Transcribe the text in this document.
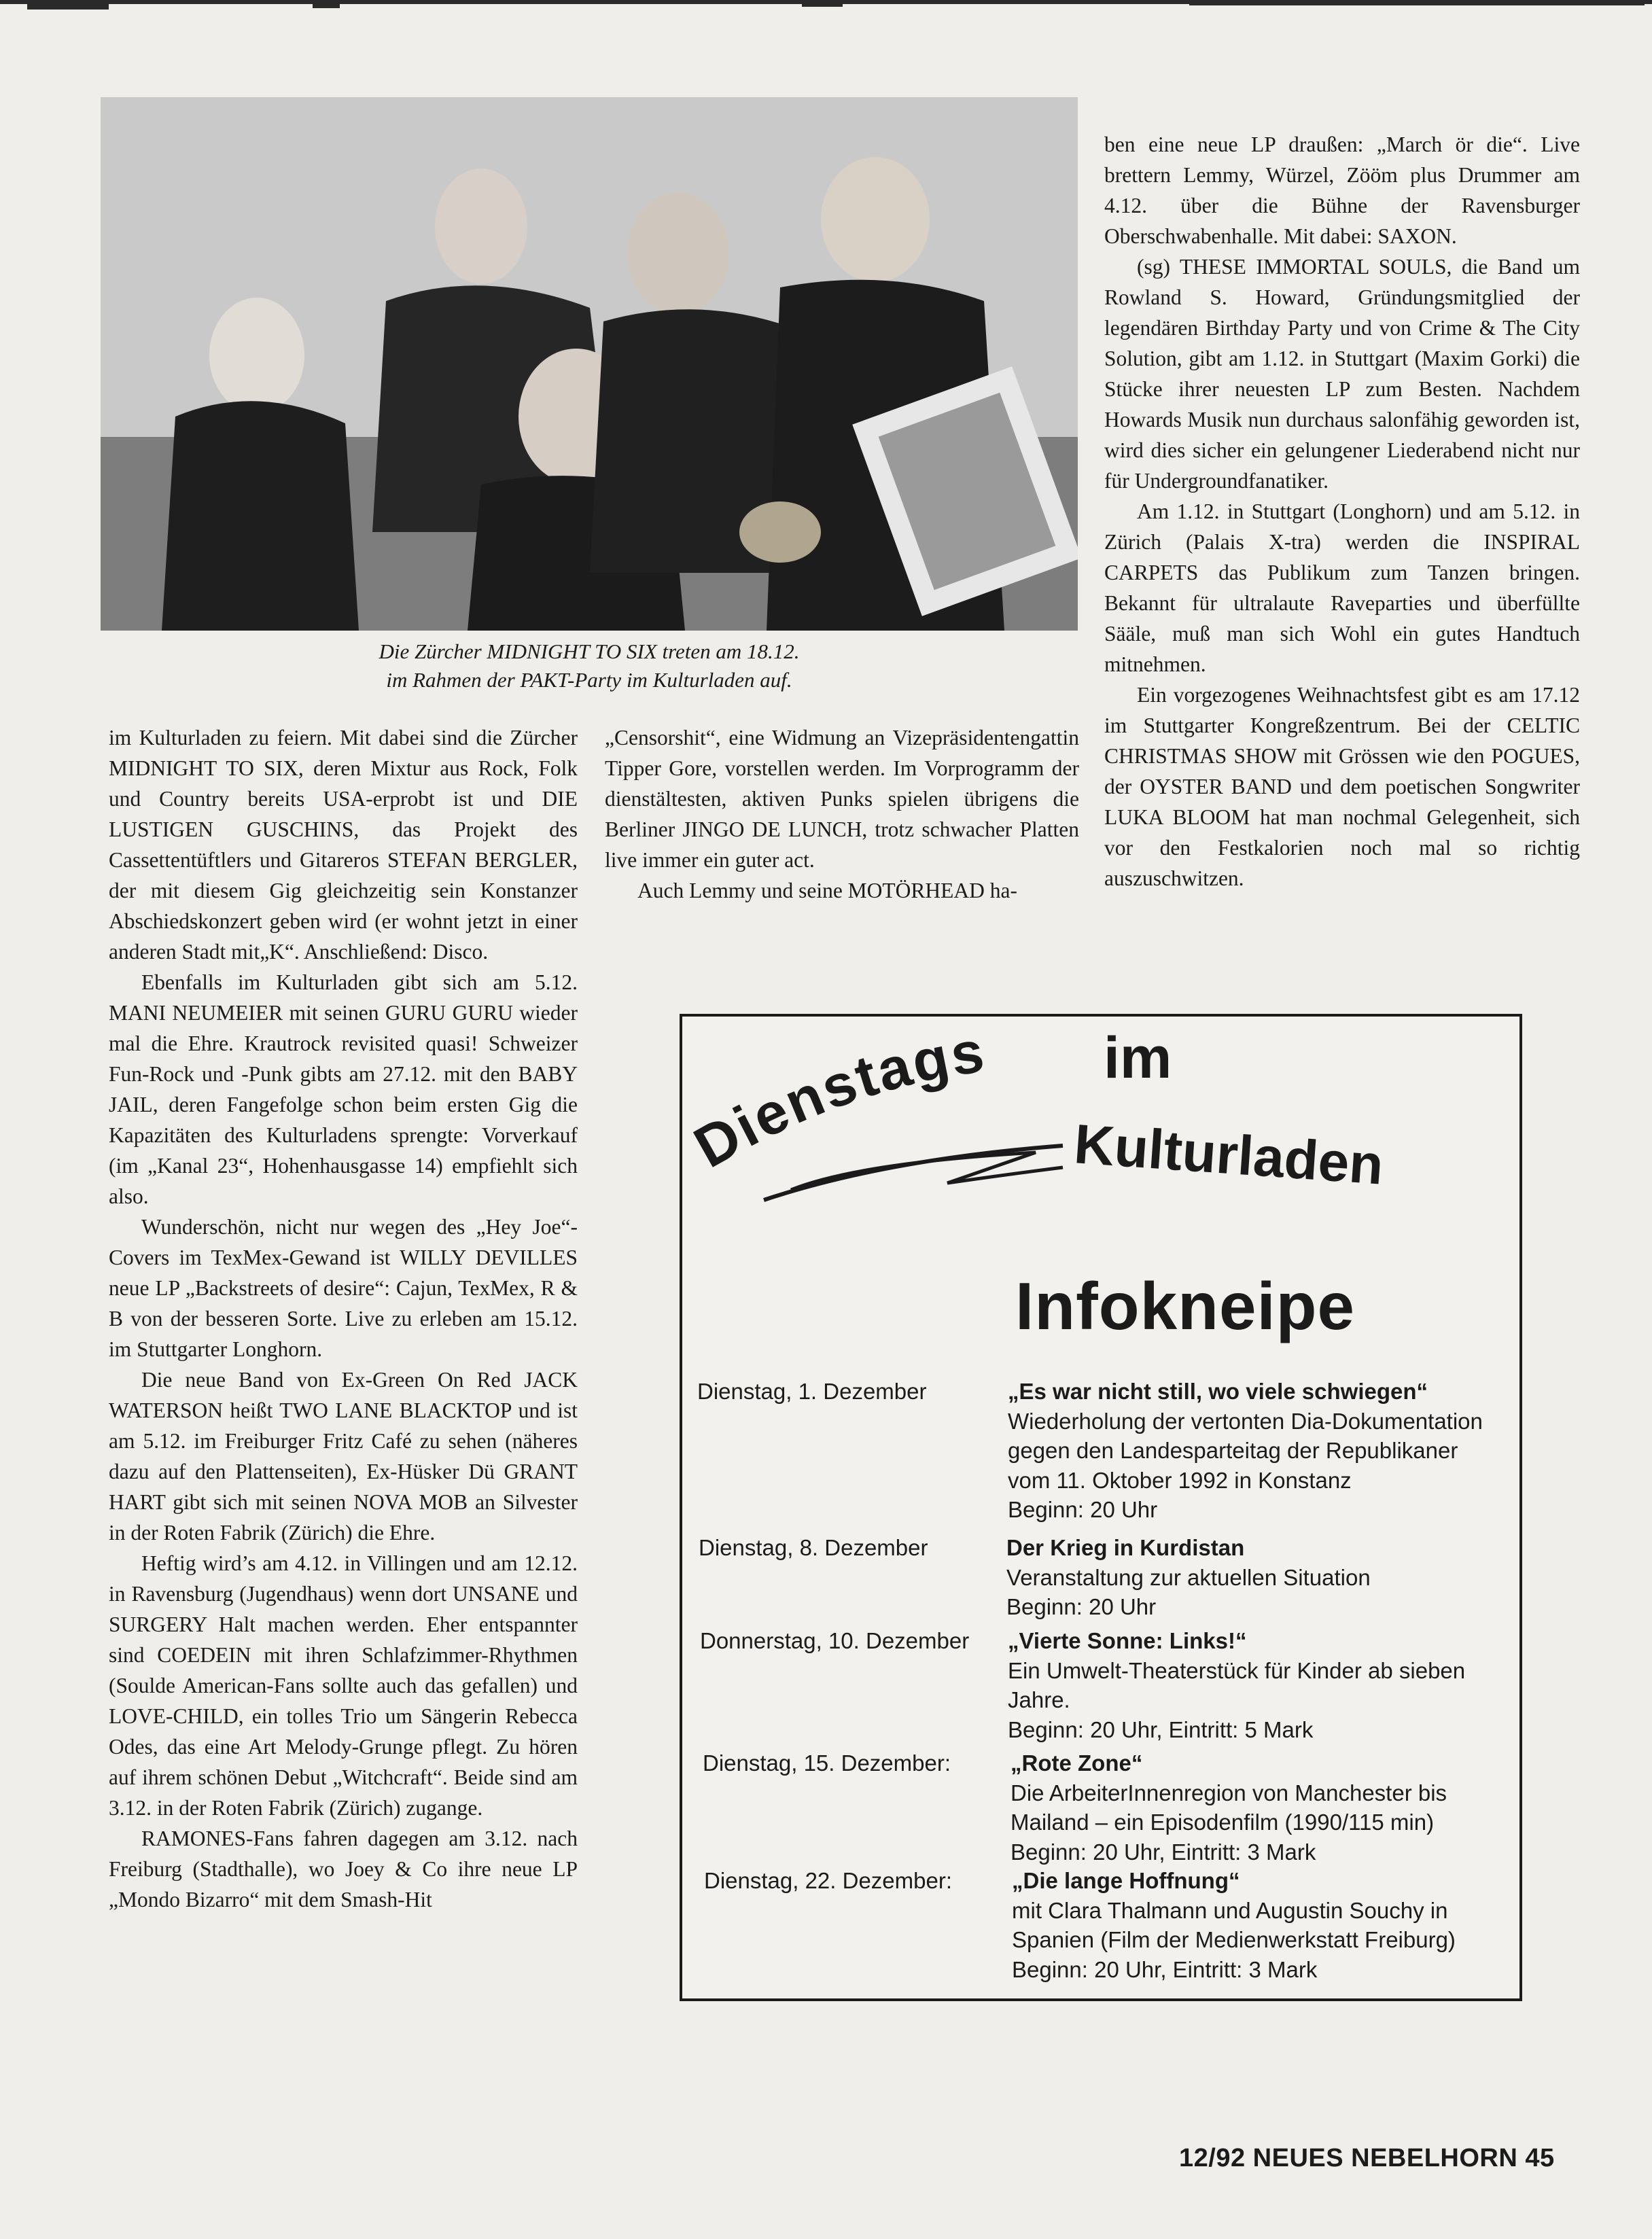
Die Zürcher MIDNIGHT TO SIX treten am 18.12.
im Rahmen der PAKT-Party im Kulturladen auf.

im Kulturladen zu feiern. Mit dabei sind die Zürcher MIDNIGHT TO SIX, deren Mixtur aus Rock, Folk und Country bereits USA-erprobt ist und DIE LUSTIGEN GUSCHINS, das Projekt des Cassettentüftlers und Gitareros STEFAN BERGLER, der mit diesem Gig gleichzeitig sein Konstanzer Abschiedskonzert geben wird (er wohnt jetzt in einer anderen Stadt mit„K“. Anschließend: Disco.

Ebenfalls im Kulturladen gibt sich am 5.12. MANI NEUMEIER mit seinen GURU GURU wieder mal die Ehre. Krautrock revisited quasi! Schweizer Fun-Rock und -Punk gibts am 27.12. mit den BABY JAIL, deren Fangefolge schon beim ersten Gig die Kapazitäten des Kulturladens sprengte: Vorverkauf (im „Kanal 23“, Hohenhausgasse 14) empfiehlt sich also.

Wunderschön, nicht nur wegen des „Hey Joe“-Covers im TexMex-Gewand ist WILLY DEVILLES neue LP „Backstreets of desire“: Cajun, TexMex, R & B von der besseren Sorte. Live zu erleben am 15.12. im Stuttgarter Longhorn.

Die neue Band von Ex-Green On Red JACK WATERSON heißt TWO LANE BLACKTOP und ist am 5.12. im Freiburger Fritz Café zu sehen (näheres dazu auf den Plattenseiten), Ex-Hüsker Dü GRANT HART gibt sich mit seinen NOVA MOB an Silvester in der Roten Fabrik (Zürich) die Ehre.

Heftig wird’s am 4.12. in Villingen und am 12.12. in Ravensburg (Jugendhaus) wenn dort UNSANE und SURGERY Halt machen werden. Eher entspannter sind COEDEIN mit ihren Schlafzimmer-Rhythmen (Soulde American-Fans sollte auch das gefallen) und LOVE-CHILD, ein tolles Trio um Sängerin Rebecca Odes, das eine Art Melody-Grunge pflegt. Zu hören auf ihrem schönen Debut „Witchcraft“. Beide sind am 3.12. in der Roten Fabrik (Zürich) zugange.

RAMONES-Fans fahren dagegen am 3.12. nach Freiburg (Stadthalle), wo Joey & Co ihre neue LP „Mondo Bizarro“ mit dem Smash-Hit

„Censorshit“, eine Widmung an Vizepräsidentengattin Tipper Gore, vorstellen werden. Im Vorprogramm der dienstältesten, aktiven Punks spielen übrigens die Berliner JINGO DE LUNCH, trotz schwacher Platten live immer ein guter act.

Auch Lemmy und seine MOTÖRHEAD ha-

ben eine neue LP draußen: „March ör die“. Live brettern Lemmy, Würzel, Zööm plus Drummer am 4.12. über die Bühne der Ravensburger Oberschwabenhalle. Mit dabei: SAXON.

(sg) THESE IMMORTAL SOULS, die Band um Rowland S. Howard, Gründungsmitglied der legendären Birthday Party und von Crime & The City Solution, gibt am 1.12. in Stuttgart (Maxim Gorki) die Stücke ihrer neuesten LP zum Besten. Nachdem Howards Musik nun durchaus salonfähig geworden ist, wird dies sicher ein gelungener Liederabend nicht nur für Undergroundfanatiker.

Am 1.12. in Stuttgart (Longhorn) und am 5.12. in Zürich (Palais X-tra) werden die INSPIRAL CARPETS das Publikum zum Tanzen bringen. Bekannt für ultralaute Raveparties und überfüllte Sääle, muß man sich Wohl ein gutes Handtuch mitnehmen.

Ein vorgezogenes Weihnachtsfest gibt es am 17.12 im Stuttgarter Kongreßzentrum. Bei der CELTIC CHRISTMAS SHOW mit Grössen wie den POGUES, der OYSTER BAND und dem poetischen Songwriter LUKA BLOOM hat man nochmal Gelegenheit, sich vor den Festkalorien noch mal so richtig auszuschwitzen.

Dienstags im
Kulturladen
Infokneipe
Dienstag, 1. Dezember	„Es war nicht still, wo viele schwiegen“
Wiederholung der vertonten Dia-Dokumentation
gegen den Landesparteitag der Republikaner
vom 11. Oktober 1992 in Konstanz
Beginn: 20 Uhr
Dienstag, 8. Dezember	Der Krieg in Kurdistan
Veranstaltung zur aktuellen Situation
Beginn: 20 Uhr
Donnerstag, 10. Dezember „Vierte Sonne: Links!“
Ein Umwelt-Theaterstück für Kinder ab sieben
Jahre.
Beginn: 20 Uhr, Eintritt: 5 Mark
Dienstag, 15. Dezember:	„Rote Zone“
Die ArbeiterInnenregion von Manchester bis
Mailand – ein Episodenfilm (1990/115 min)
Beginn: 20 Uhr, Eintritt: 3 Mark
Dienstag, 22. Dezember:	„Die lange Hoffnung“
mit Clara Thalmann und Augustin Souchy in
Spanien (Film der Medienwerkstatt Freiburg)
Beginn: 20 Uhr, Eintritt: 3 Mark
12/92 NEUES NEBELHORN 45
